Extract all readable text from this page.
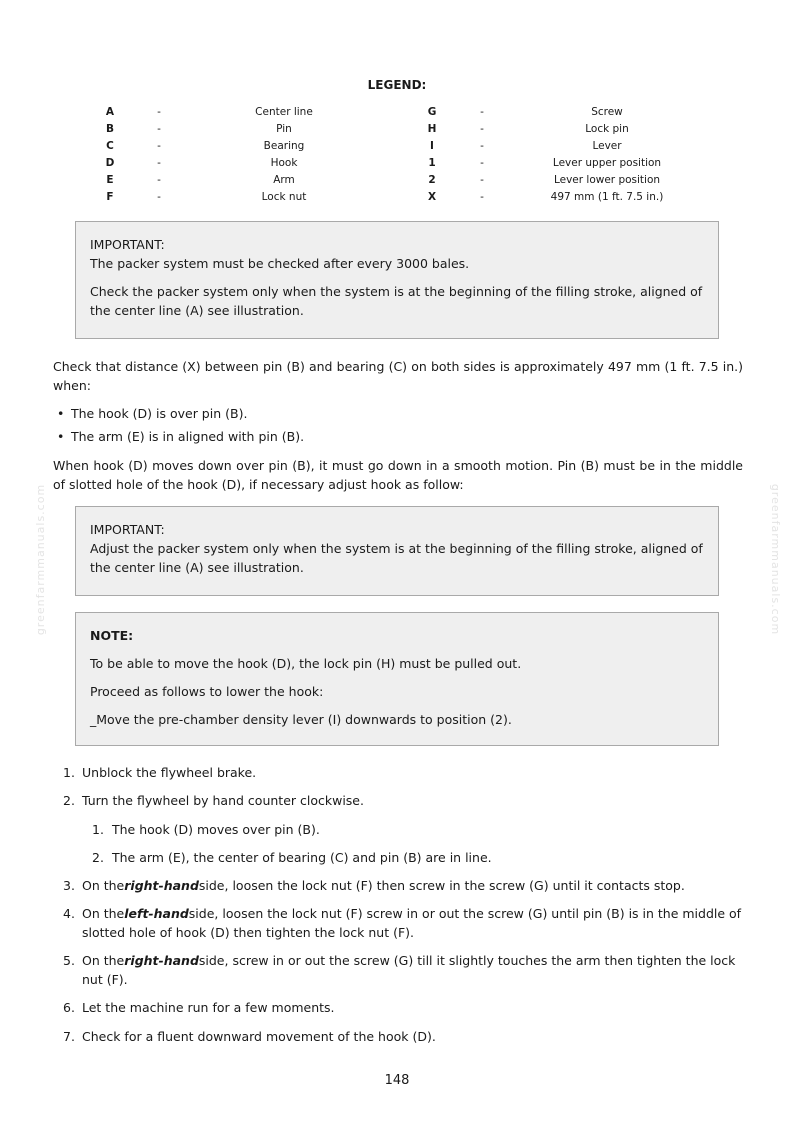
LEGEND:
A	-	Center line	G	-	Screw
B	-	Pin	H	-	Lock pin
C	-	Bearing	I	-	Lever
D	-	Hook	1	-	Lever upper position
E	-	Arm	2	-	Lever lower position
F	-	Lock nut	X	-	497 mm (1 ft. 7.5 in.)

IMPORTANT:

The packer system must be checked after every 3000 bales.

Check the packer system only when the system is at the beginning of the filling stroke, aligned of the center line (A) see illustration.

Check that distance (X) between pin (B) and bearing (C) on both sides is approximately 497 mm (1 ft. 7.5 in.) when:
• The hook (D) is over pin (B).
• The arm (E) is in aligned with pin (B).
When hook (D) moves down over pin (B), it must go down in a smooth motion. Pin (B) must be in the middle of slotted hole of the hook (D), if necessary adjust hook as follow:

IMPORTANT:

Adjust the packer system only when the system is at the beginning of the filling stroke, aligned of the center line (A) see illustration.

NOTE:

To be able to move the hook (D), the lock pin (H) must be pulled out.

Proceed as follows to lower the hook:

_Move the pre-chamber density lever (I) downwards to position (2).

1. Unblock the flywheel brake.
2. Turn the flywheel by hand counter clockwise.
1. The hook (D) moves over pin (B).
2. The arm (E), the center of bearing (C) and pin (B) are in line.
3. On theright-handside, loosen the lock nut (F) then screw in the screw (G) until it contacts stop.
4. On theleft-handside, loosen the lock nut (F) screw in or out the screw (G) until pin (B) is in the middle of slotted hole of hook (D) then tighten the lock nut (F).
5. On theright-handside, screw in or out the screw (G) till it slightly touches the arm then tighten the lock nut (F).
6. Let the machine run for a few moments.
7. Check for a fluent downward movement of the hook (D).
148
greenfarmmanuals.com	greenfarmmanuals.com
